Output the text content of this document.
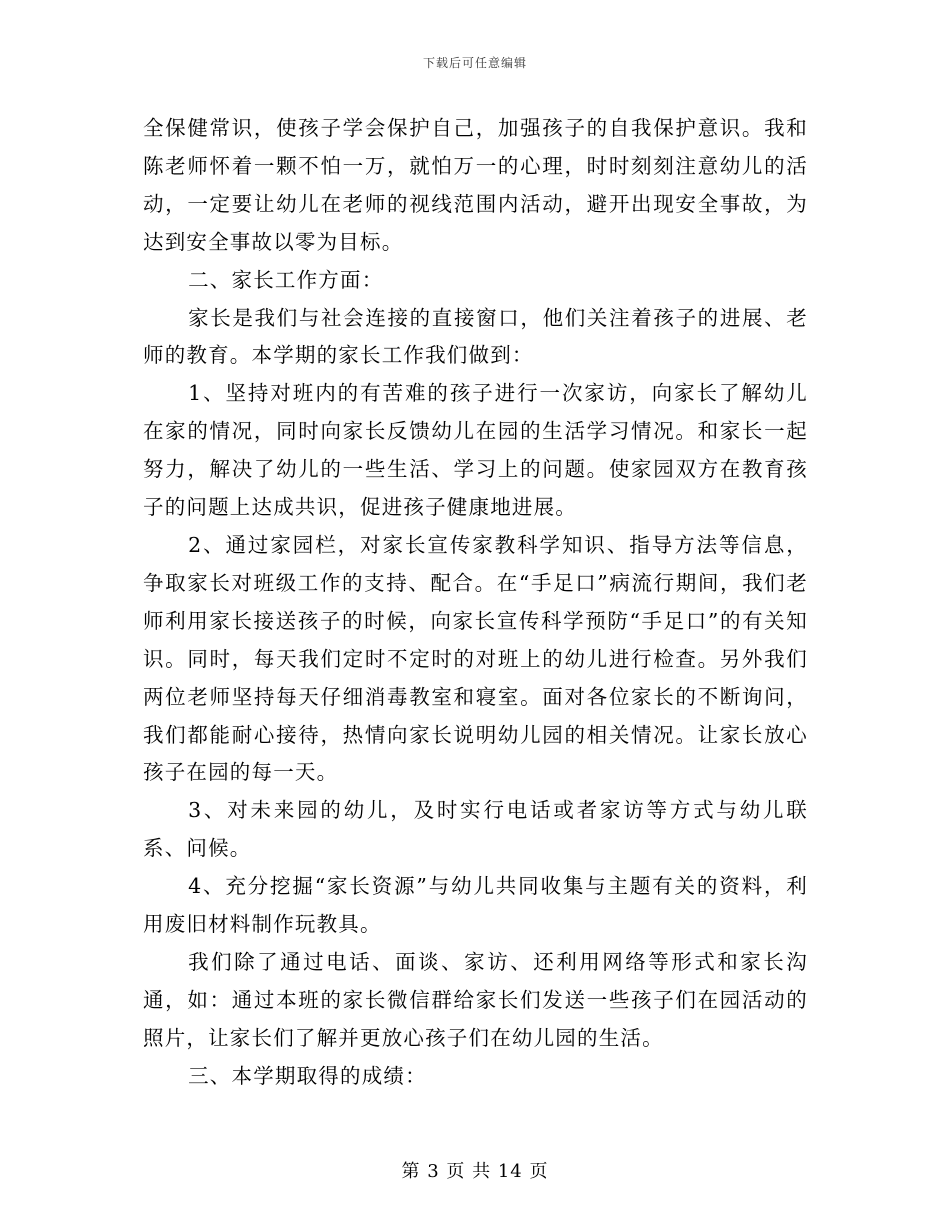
下载后可任意编辑

全保健常识，使孩子学会保护自己，加强孩子的自我保护意识。我和陈老师怀着一颗不怕一万，就怕万一的心理，时时刻刻注意幼儿的活动，一定要让幼儿在老师的视线范围内活动，避开出现安全事故，为达到安全事故以零为目标。

二、家长工作方面：

家长是我们与社会连接的直接窗口，他们关注着孩子的进展、老师的教育。本学期的家长工作我们做到：

1、坚持对班内的有苦难的孩子进行一次家访，向家长了解幼儿在家的情况，同时向家长反馈幼儿在园的生活学习情况。和家长一起努力，解决了幼儿的一些生活、学习上的问题。使家园双方在教育孩子的问题上达成共识，促进孩子健康地进展。

2、通过家园栏，对家长宣传家教科学知识、指导方法等信息，争取家长对班级工作的支持、配合。在“手足口”病流行期间，我们老师利用家长接送孩子的时候，向家长宣传科学预防“手足口”的有关知识。同时，每天我们定时不定时的对班上的幼儿进行检查。另外我们两位老师坚持每天仔细消毒教室和寝室。面对各位家长的不断询问，我们都能耐心接待，热情向家长说明幼儿园的相关情况。让家长放心孩子在园的每一天。

3、对未来园的幼儿，及时实行电话或者家访等方式与幼儿联系、问候。

4、充分挖掘“家长资源”与幼儿共同收集与主题有关的资料，利用废旧材料制作玩教具。

我们除了通过电话、面谈、家访、还利用网络等形式和家长沟通，如：通过本班的家长微信群给家长们发送一些孩子们在园活动的照片，让家长们了解并更放心孩子们在幼儿园的生活。

三、本学期取得的成绩：

第 3 页 共 14 页
